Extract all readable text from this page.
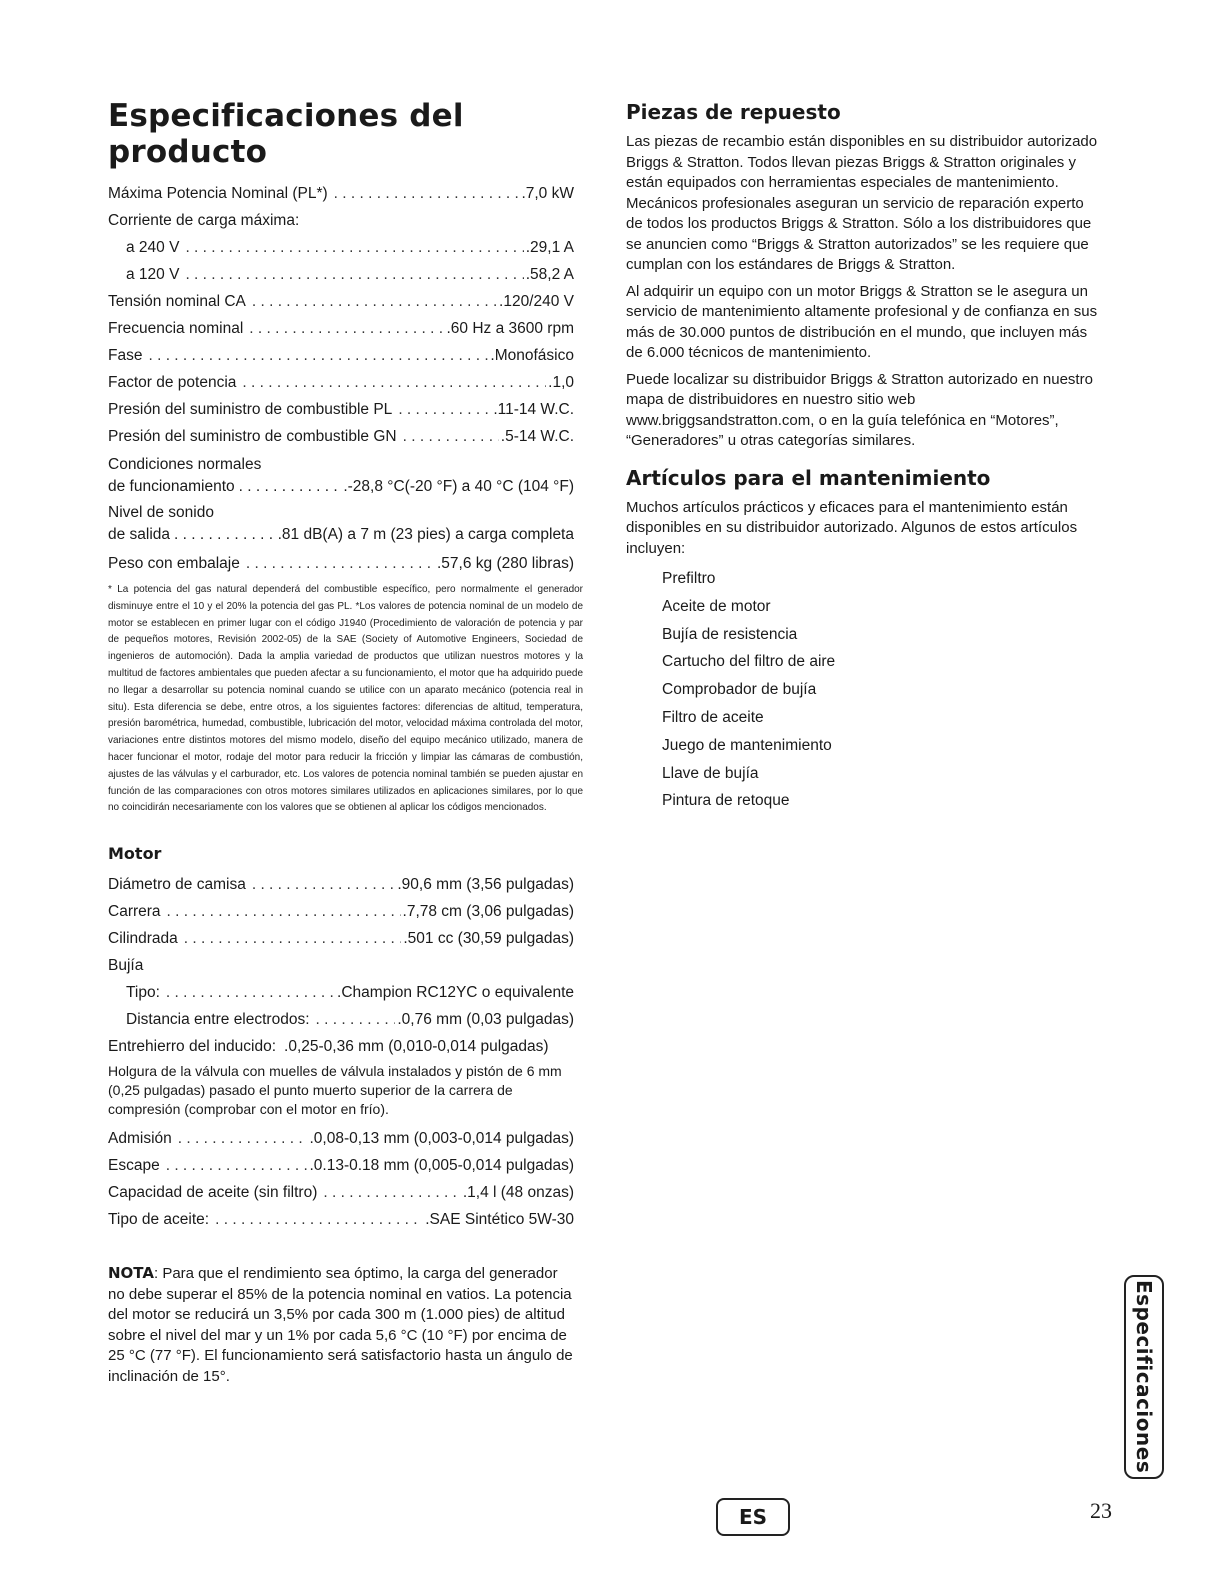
Especificaciones del producto
Máxima Potencia Nominal (PL*) . . .	.7,0 kW
Corriente de carga máxima:
a 240 V . . .	.29,1 A
a 120 V . . .	.58,2 A
Tensión nominal CA . . .	.120/240 V
Frecuencia nominal . . .	.60 Hz a 3600 rpm
Fase . . .	.Monofásico
Factor de potencia . . .	.1,0
Presión del suministro de combustible PL . . .	.11-14 W.C.
Presión del suministro de combustible GN . . .	.5-14 W.C.
Condiciones normales
de funcionamiento . . .	.-28,8 °C(-20 °F) a 40 °C (104 °F)
Nivel de sonido
de salida . . .	.81 dB(A) a 7 m (23 pies) a carga completa
Peso con embalaje . . .	.57,6 kg (280 libras)

* La potencia del gas natural dependerá del combustible específico, pero normalmente el generador disminuye entre el 10 y el 20% la potencia del gas PL. *Los valores de potencia nominal de un modelo de motor se establecen en primer lugar con el código J1940 (Procedimiento de valoración de potencia y par de pequeños motores, Revisión 2002-05) de la SAE (Society of Automotive Engineers, Sociedad de ingenieros de automoción). Dada la amplia variedad de productos que utilizan nuestros motores y la multitud de factores ambientales que pueden afectar a su funcionamiento, el motor que ha adquirido puede no llegar a desarrollar su potencia nominal cuando se utilice con un aparato mecánico (potencia real in situ). Esta diferencia se debe, entre otros, a los siguientes factores: diferencias de altitud, temperatura, presión barométrica, humedad, combustible, lubricación del motor, velocidad máxima controlada del motor, variaciones entre distintos motores del mismo modelo, diseño del equipo mecánico utilizado, manera de hacer funcionar el motor, rodaje del motor para reducir la fricción y limpiar las cámaras de combustión, ajustes de las válvulas y el carburador, etc. Los valores de potencia nominal también se pueden ajustar en función de las comparaciones con otros motores similares utilizados en aplicaciones similares, por lo que no coincidirán necesariamente con los valores que se obtienen al aplicar los códigos mencionados.

Motor
Diámetro de camisa . . .	.90,6 mm (3,56 pulgadas)
Carrera . . .	.7,78 cm (3,06 pulgadas)
Cilindrada . . .	.501 cc (30,59 pulgadas)
Bujía
Tipo: . . .	.Champion RC12YC o equivalente
Distancia entre electrodos: . . .	.0,76 mm (0,03 pulgadas)
Entrehierro del inducido: .0,25-0,36 mm (0,010-0,014 pulgadas)

Holgura de la válvula con muelles de válvula instalados y pistón de 6 mm (0,25 pulgadas) pasado el punto muerto superior de la carrera de compresión (comprobar con el motor en frío).

Admisión . . .	.0,08-0,13 mm (0,003-0,014 pulgadas)
Escape . . .	.0.13-0.18 mm (0,005-0,014 pulgadas)
Capacidad de aceite (sin filtro) . . .	.1,4 l (48 onzas)
Tipo de aceite: . . .	.SAE Sintético 5W-30

NOTA: Para que el rendimiento sea óptimo, la carga del generador no debe superar el 85% de la potencia nominal en vatios. La potencia del motor se reducirá un 3,5% por cada 300 m (1.000 pies) de altitud sobre el nivel del mar y un 1% por cada 5,6 °C (10 °F) por encima de 25 °C (77 °F). El funcionamiento será satisfactorio hasta un ángulo de inclinación de 15°.

Piezas de repuesto

Las piezas de recambio están disponibles en su distribuidor autorizado Briggs & Stratton. Todos llevan piezas Briggs & Stratton originales y están equipados con herramientas especiales de mantenimiento. Mecánicos profesionales aseguran un servicio de reparación experto de todos los productos Briggs & Stratton. Sólo a los distribuidores que se anuncien como “Briggs & Stratton autorizados” se les requiere que cumplan con los estándares de Briggs & Stratton.

Al adquirir un equipo con un motor Briggs & Stratton se le asegura un servicio de mantenimiento altamente profesional y de confianza en sus más de 30.000 puntos de distribución en el mundo, que incluyen más de 6.000 técnicos de mantenimiento.

Puede localizar su distribuidor Briggs & Stratton autorizado en nuestro mapa de distribuidores en nuestro sitio web www.briggsandstratton.com, o en la guía telefónica en “Motores”, “Generadores” u otras categorías similares.

Artículos para el mantenimiento

Muchos artículos prácticos y eficaces para el mantenimiento están disponibles en su distribuidor autorizado. Algunos de estos artículos incluyen:

Prefiltro
Aceite de motor
Bujía de resistencia
Cartucho del filtro de aire
Comprobador de bujía
Filtro de aceite
Juego de mantenimiento
Llave de bujía
Pintura de retoque
Especificaciones
ES	23
